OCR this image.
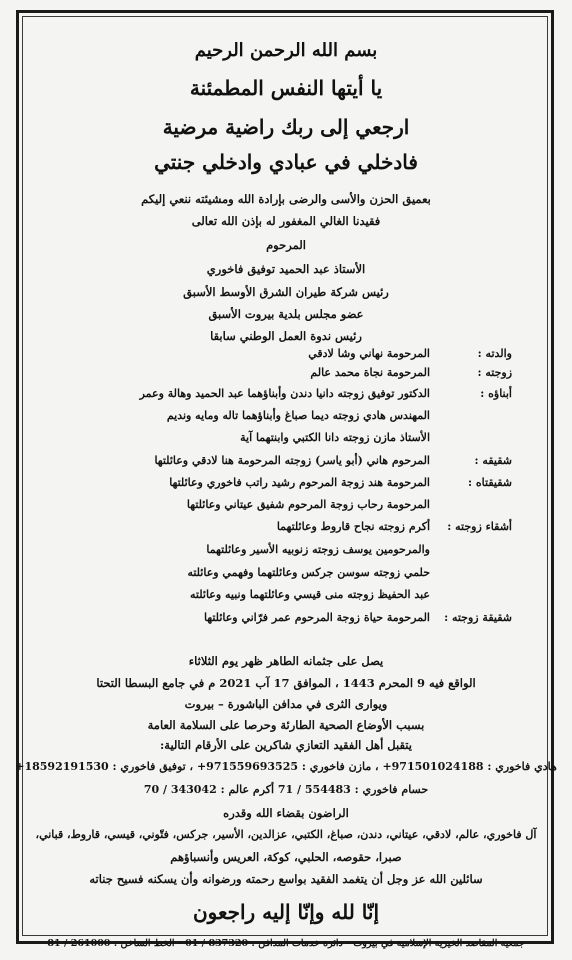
بسم الله الرحمن الرحيم
يا أيتها النفس المطمئنة
ارجعي إلى ربك راضية مرضية
فادخلي في عبادي وادخلي جنتي
بعميق الحزن والأسى والرضى بإرادة الله ومشيئته ننعي إليكم
فقيدنا الغالي المغفور له بإذن الله تعالى
المرحوم
الأستاذ عبد الحميد توفيق فاخوري
رئيس شركة طيران الشرق الأوسط الأسبق
عضو مجلس بلدية بيروت الأسبق
رئيس ندوة العمل الوطني سابقا
والدته :المرحومة نهاني وشا لادقي
زوجته :المرحومة نجاة محمد عالم
أبناؤه :الدكتور توفيق زوجته دانيا دندن وأبناؤهما عبد الحميد وهالة وعمر
المهندس هادي زوجته ديما صباغ وأبناؤهما تاله ومايه ونديم
الأستاذ مازن زوجته دانا الكتبي وابنتهما آية
شقيقه :المرحوم هاني (أبو ياسر) زوجته المرحومة هنا لادقي وعائلتها
شقيقتاه :المرحومة هند زوجة المرحوم رشيد راتب فاخوري وعائلتها
المرحومة رحاب زوجة المرحوم شفيق عيتاني وعائلتها
أشقاء زوجته :أكرم زوجته نجاح قاروط وعائلتهما
والمرحومين يوسف زوجته زنوبيه الأسير وعائلتهما
حلمي زوجته سوسن جركس وعائلتهما وفهمي وعائلته
عبد الحفيظ زوجته منى قيسي وعائلتهما ونبيه وعائلته
شقيقة زوجته :المرحومة حياة زوجة المرحوم عمر فرّاني وعائلتها
يصل على جثمانه الطاهر ظهر يوم الثلاثاء
الواقع فيه 9 المحرم 1443 ، الموافق 17 آب 2021 م في جامع البسطا التحتا
ويوارى الثرى في مدافن الباشورة – بيروت
بسبب الأوضاع الصحية الطارئة وحرصا على السلامة العامة
يتقبل أهل الفقيد التعازي شاكرين على الأرقام التالية:
هادي فاخوري : 971501024188+ ، مازن فاخوري : 971559693525+ ، توفيق فاخوري : 18592191530+
حسام فاخوري : 554483 / 71 أكرم عالم : 343042 / 70
الراضون بقضاء الله وقدره
آل فاخوري، عالم، لادقي، عيتاني، دندن، صباغ، الكتبي، عزالدين، الأسير، جركس، فتّوني، قيسي، قاروط، قباني،
صبرا، حقوصه، الحلبي، كوكة، العريس وأنسباؤهم
سائلين الله عز وجل أن يتغمد الفقيد بواسع رحمته ورضوانه وأن يسكنه فسيح جناته
إنّا لله وإنّا إليه راجعون
جمعية المقاصد الخيرية الإسلامية في بيروت - دائرة خدمات المدافن : 837320 / 01 - الخط الساخن : 261000 / 81
